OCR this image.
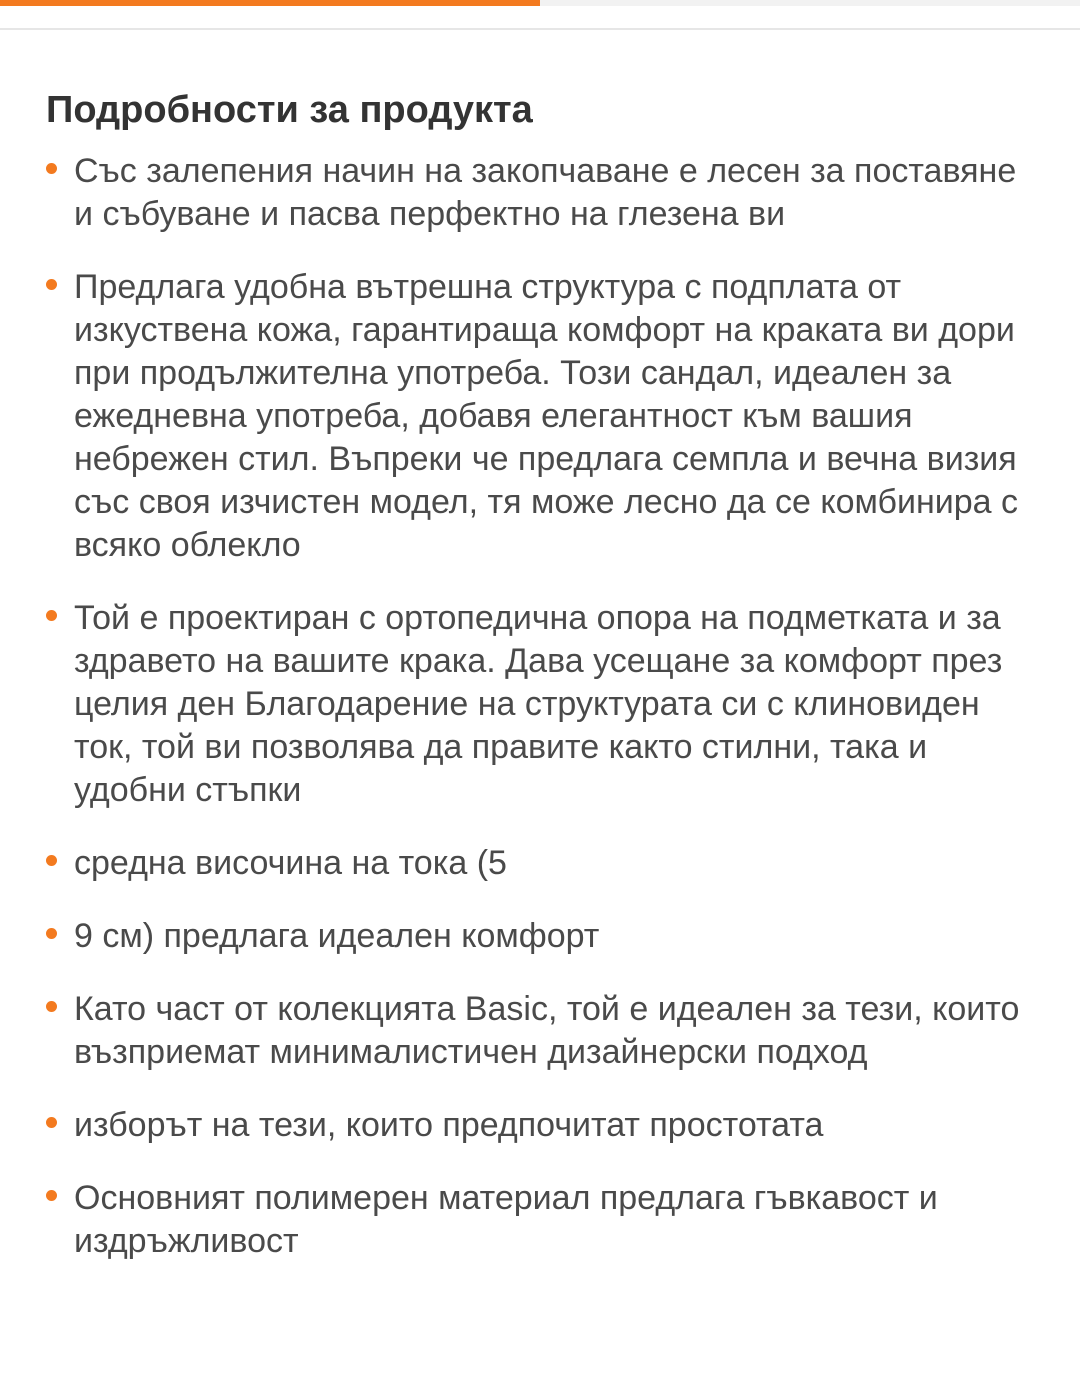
Подробности за продукта
Със залепения начин на закопчаване е лесен за поставяне и събуване и пасва перфектно на глезена ви
Предлага удобна вътрешна структура с подплата от изкуствена кожа, гарантираща комфорт на краката ви дори при продължителна употреба. Този сандал, идеален за ежедневна употреба, добавя елегантност към вашия небрежен стил. Въпреки че предлага семпла и вечна визия със своя изчистен модел, тя може лесно да се комбинира с всяко облекло
Той е проектиран с ортопедична опора на подметката и за здравето на вашите крака. Дава усещане за комфорт през целия ден Благодарение на структурата си с клиновиден ток, той ви позволява да правите както стилни, така и удобни стъпки
средна височина на тока (5
9 см) предлага идеален комфорт
Като част от колекцията Basic, той е идеален за тези, които възприемат минималистичен дизайнерски подход
изборът на тези, които предпочитат простотата
Основният полимерен материал предлага гъвкавост и издръжливост
